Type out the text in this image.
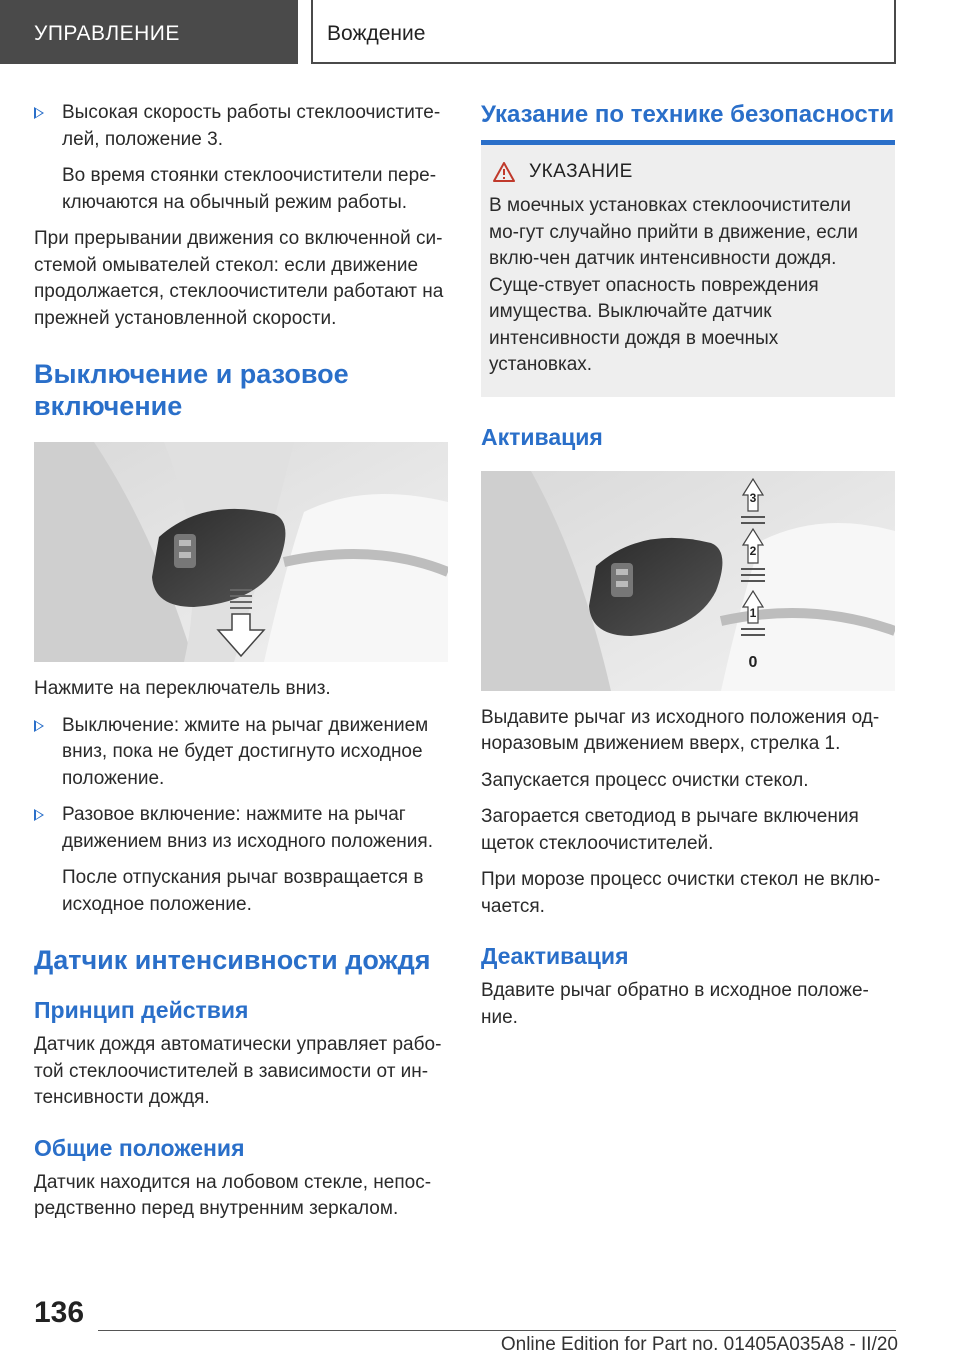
УПРАВЛЕНИЕ	Вождение
Высокая скорость работы стеклоочистите-лей, положение 3.
Во время стоянки стеклоочистители пере-ключаются на обычный режим работы.

При прерывании движения со включенной си-стемой омывателей стекол: если движение продолжается, стеклоочистители работают на прежней установленной скорости.

Выключение и разовое включение

Нажмите на переключатель вниз.

Выключение: жмите на рычаг движением вниз, пока не будет достигнуто исходное положение.
Разовое включение: нажмите на рычаг движением вниз из исходного положения.
После отпускания рычаг возвращается в исходное положение.
Датчик интенсивности дождя
Принцип действия

Датчик дождя автоматически управляет рабо-той стеклоочистителей в зависимости от ин-тенсивности дождя.

Общие положения

Датчик находится на лобовом стекле, непос-редственно перед внутренним зеркалом.

Указание по технике безопасности
УКАЗАНИЕ

В моечных установках стеклоочистители мо-гут случайно прийти в движение, если вклю-чен датчик интенсивности дождя. Суще-ствует опасность повреждения имущества. Выключайте датчик интенсивности дождя в моечных установках.

Активация
3
2
1
0

Выдавите рычаг из исходного положения од-норазовым движением вверх, стрелка 1.

Запускается процесс очистки стекол.

Загорается светодиод в рычаге включения щеток стеклоочистителей.

При морозе процесс очистки стекол не вклю-чается.

Деактивация

Вдавите рычаг обратно в исходное положе-ние.

136
Online Edition for Part no. 01405A035A8 - II/20
